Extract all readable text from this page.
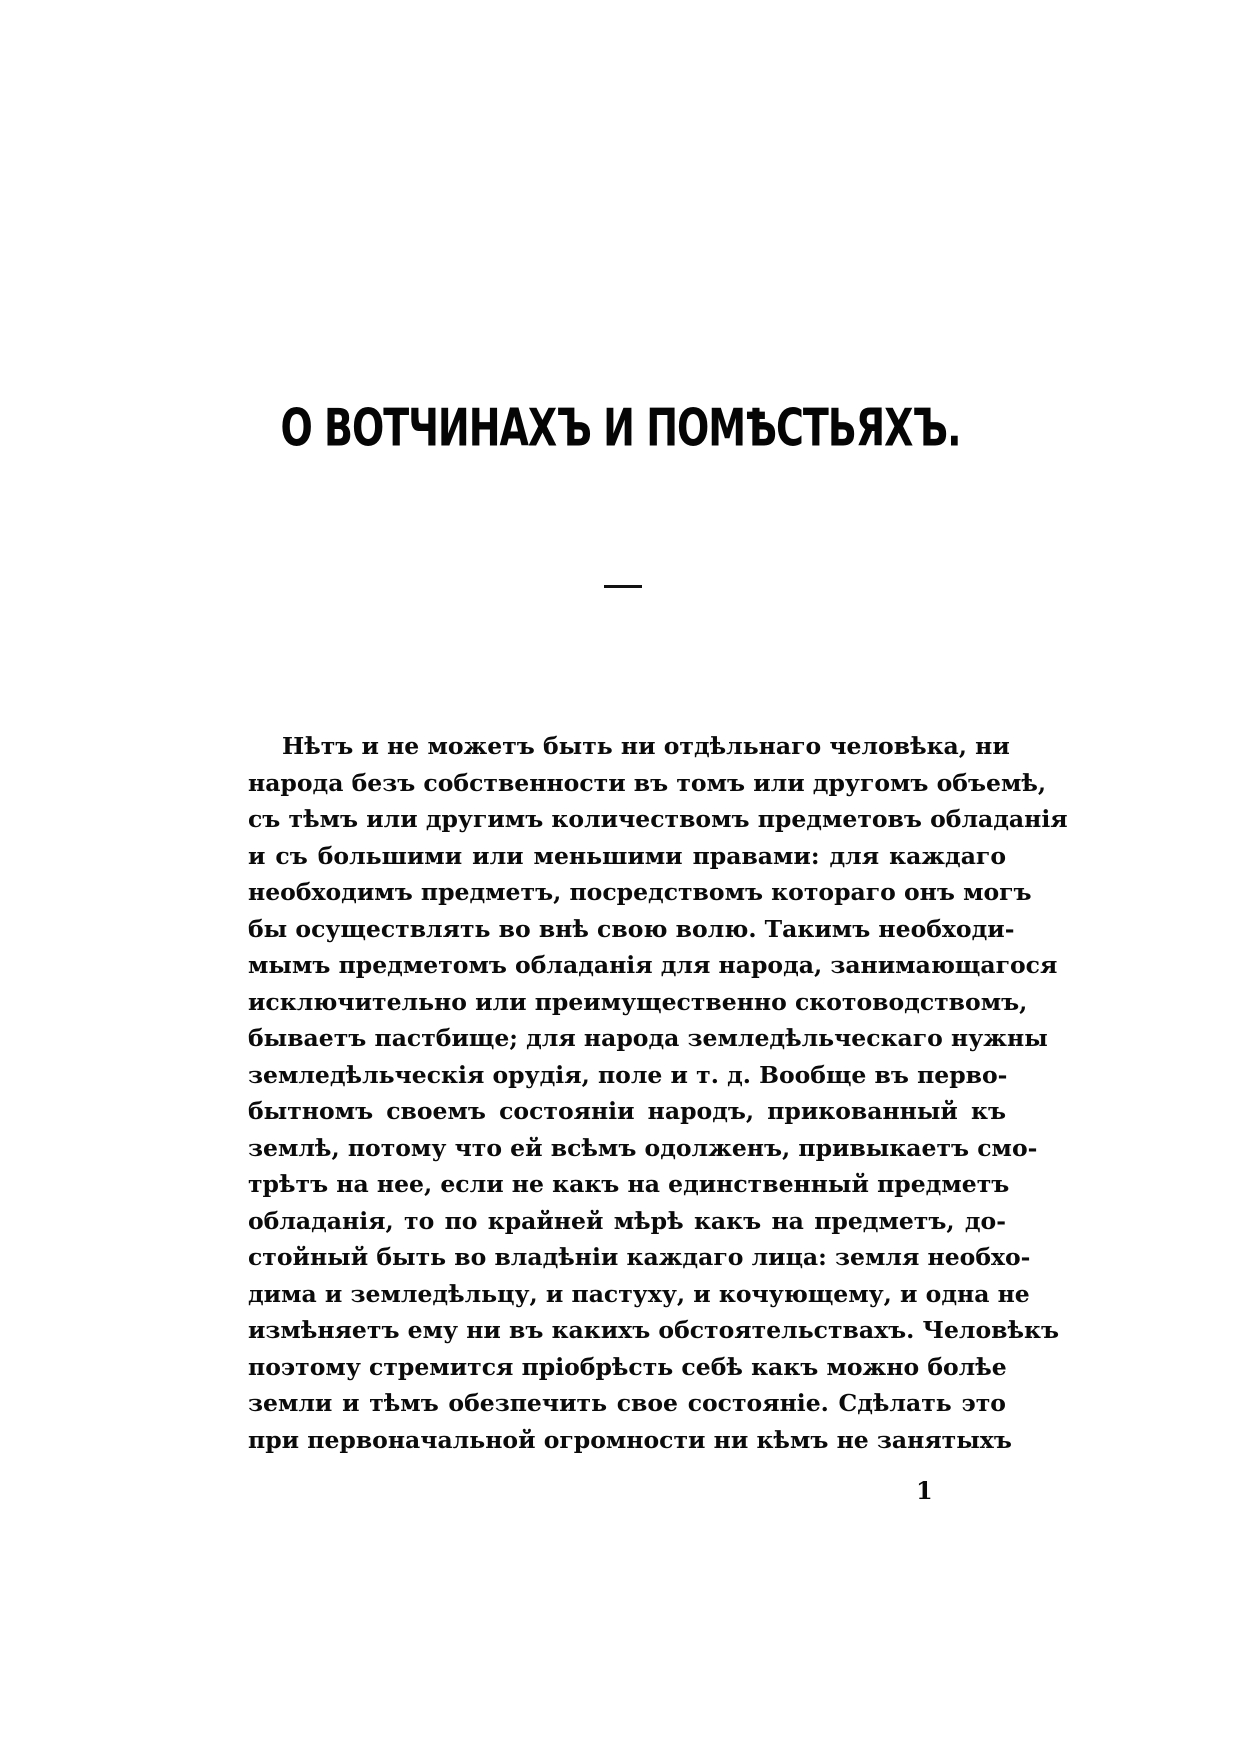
О ВОТЧИНАХЪ И ПОМѢСТЬЯХЪ.
Нѣтъ и не можетъ быть ни отдѣльнаго человѣка, ни
народа безъ собственности въ томъ или другомъ объемѣ,
съ тѣмъ или другимъ количествомъ предметовъ обладанія
и съ большими или меньшими правами: для каждаго
необходимъ предметъ, посредствомъ котораго онъ могъ
бы осуществлять во внѣ свою волю. Такимъ необходи-
мымъ предметомъ обладанія для народа, занимающагося
исключительно или преимущественно скотоводствомъ,
бываетъ пастбище; для народа земледѣльческаго нужны
земледѣльческія орудія, поле и т. д. Вообще въ перво-
бытномъ своемъ состояніи народъ, прикованный къ
землѣ, потому что ей всѣмъ одолженъ, привыкаетъ смо-
трѣтъ на нее, если не какъ на единственный предметъ
обладанія, то по крайней мѣрѣ какъ на предметъ, до-
стойный быть во владѣніи каждаго лица: земля необхо-
дима и земледѣльцу, и пастуху, и кочующему, и одна не
измѣняетъ ему ни въ какихъ обстоятельствахъ. Человѣкъ
поэтому стремится пріобрѣсть себѣ какъ можно болѣе
земли и тѣмъ обезпечить свое состояніе. Сдѣлать это
при первоначальной огромности ни кѣмъ не занятыхъ
1
